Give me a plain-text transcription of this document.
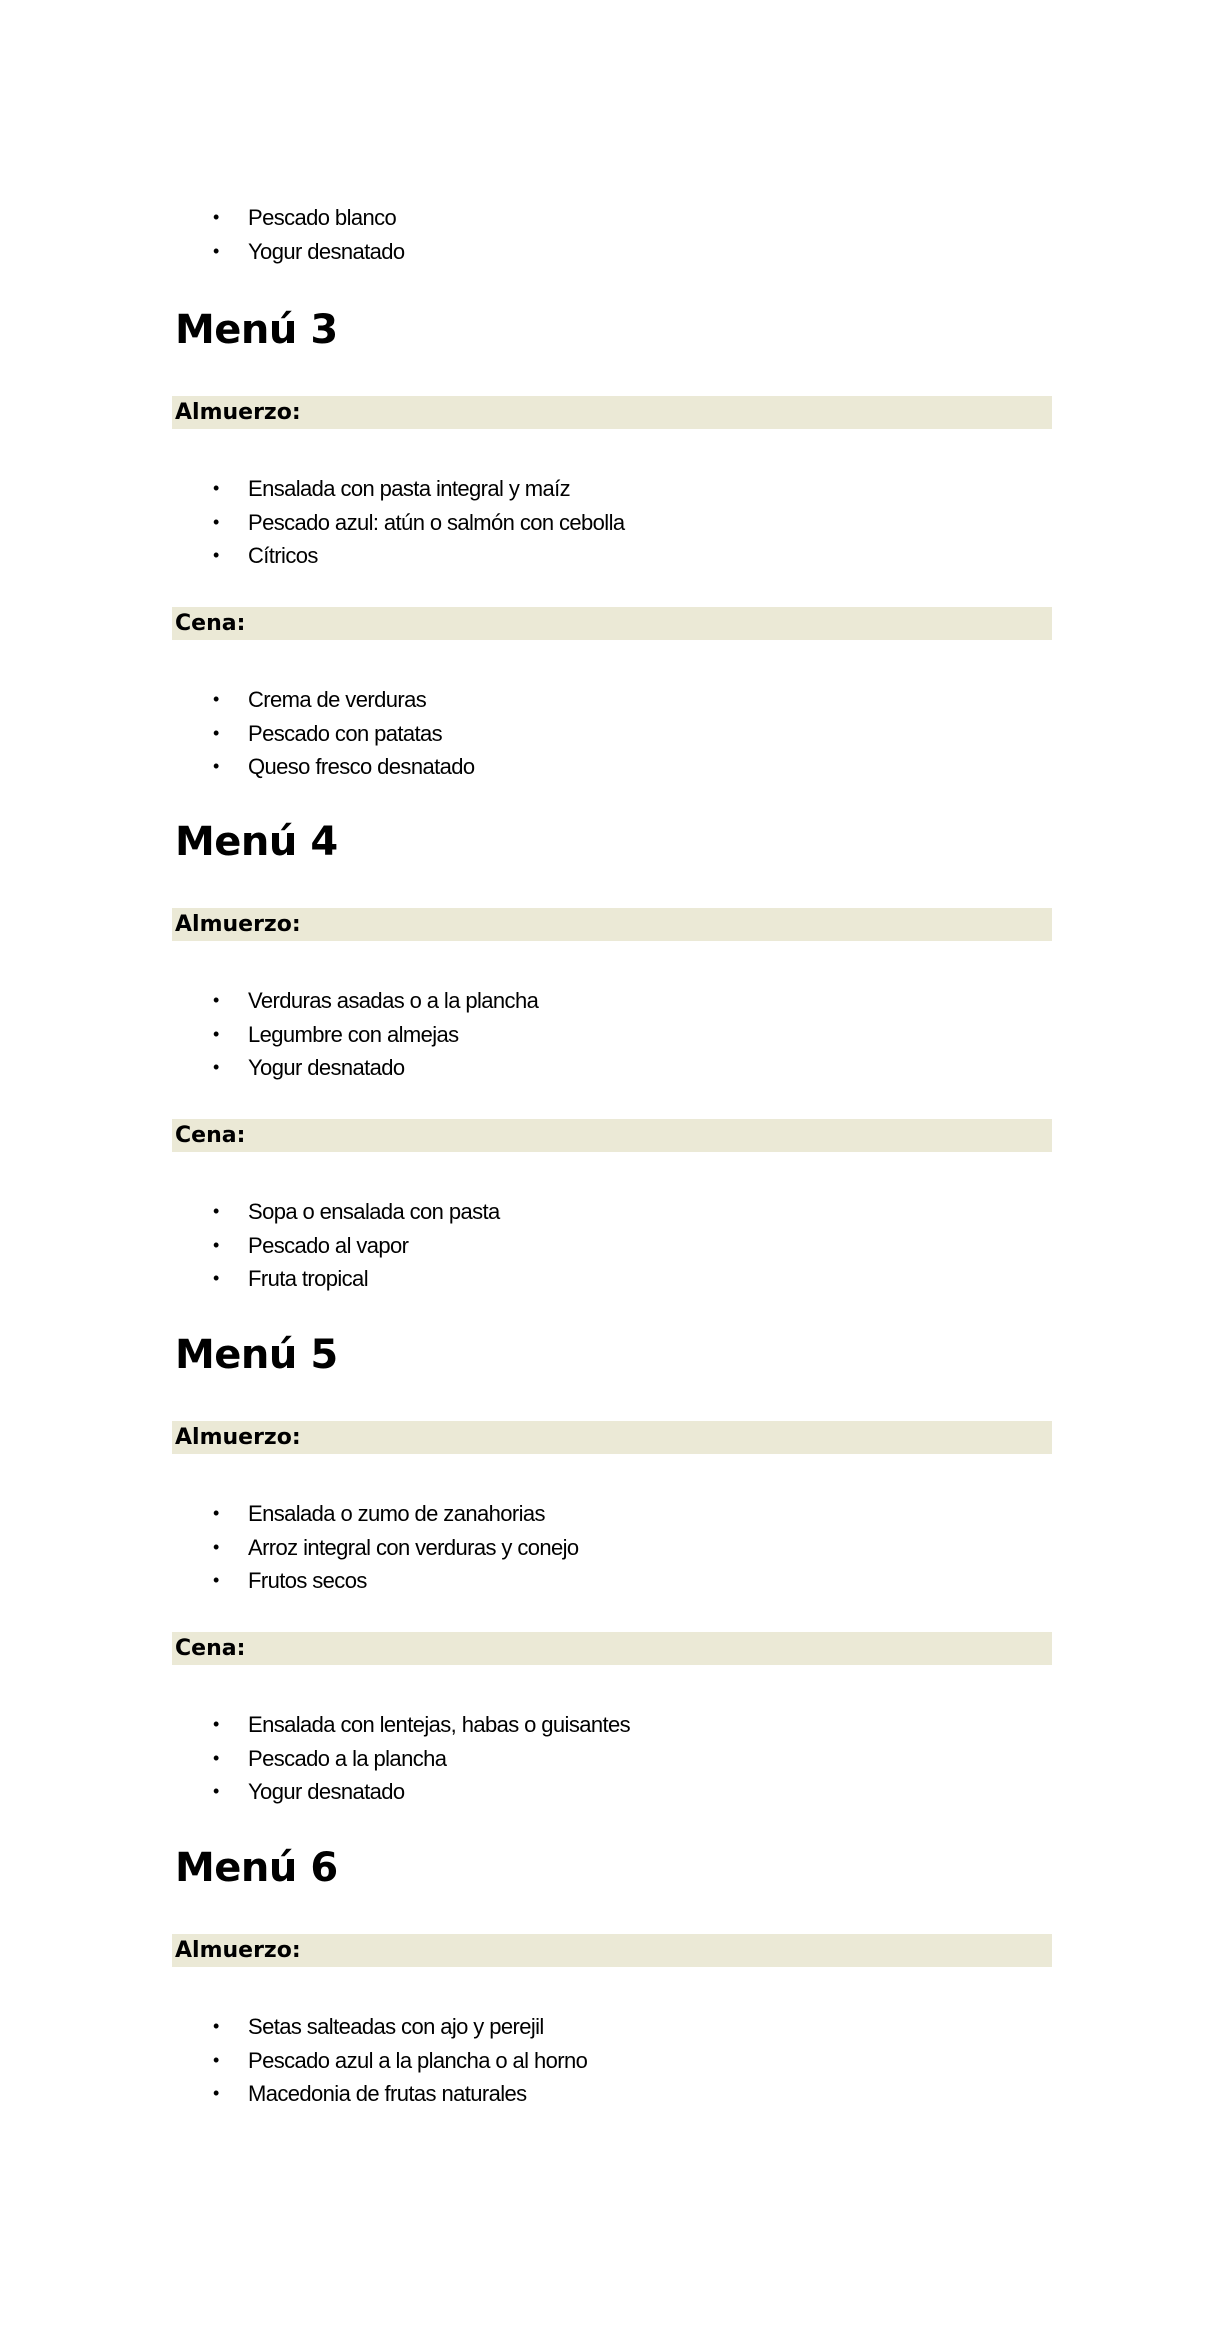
• Pescado blanco
• Yogur desnatado
Menú 3
Almuerzo:
• Ensalada con pasta integral y maíz
• Pescado azul: atún o salmón con cebolla
• Cítricos
Cena:
• Crema de verduras
• Pescado con patatas
• Queso fresco desnatado
Menú 4
Almuerzo:
• Verduras asadas o a la plancha
• Legumbre con almejas
• Yogur desnatado
Cena:
• Sopa o ensalada con pasta
• Pescado al vapor
• Fruta tropical
Menú 5
Almuerzo:
• Ensalada o zumo de zanahorias
• Arroz integral con verduras y conejo
• Frutos secos
Cena:
• Ensalada con lentejas, habas o guisantes
• Pescado a la plancha
• Yogur desnatado
Menú 6
Almuerzo:
• Setas salteadas con ajo y perejil
• Pescado azul a la plancha o al horno
• Macedonia de frutas naturales
